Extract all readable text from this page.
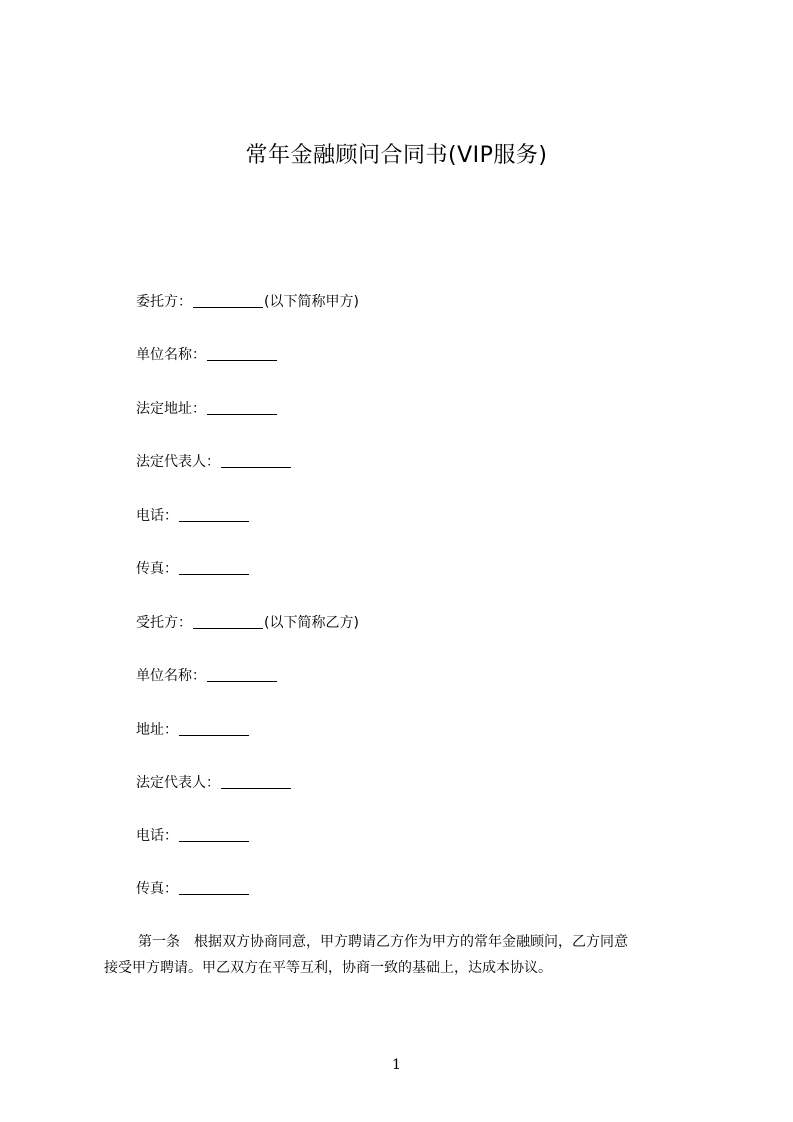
常年金融顾问合同书(VIP服务)
委托方：	(以下简称甲方)
单位名称：
法定地址：
法定代表人：
电话：
传真：
受托方：	(以下简称乙方)
单位名称：
地址：
法定代表人：
电话：
传真：
第一条  根据双方协商同意，甲方聘请乙方作为甲方的常年金融顾问，乙方同意
接受甲方聘请。甲乙双方在平等互利，协商一致的基础上，达成本协议。
1
